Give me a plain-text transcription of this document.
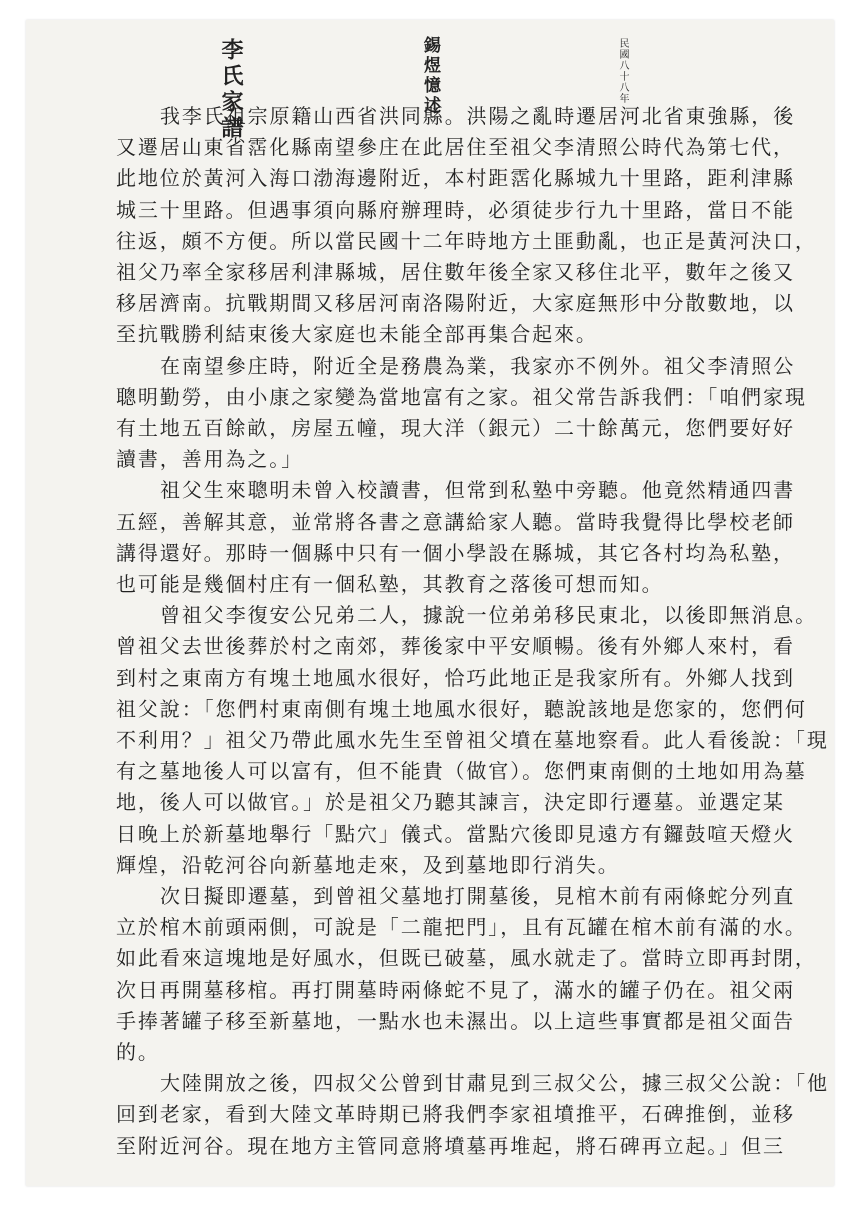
李氏家譜	錫煜憶述	民國八十八年
我李氏祖宗原籍山西省洪同縣。洪陽之亂時遷居河北省東強縣，後
又遷居山東省霑化縣南望參庄在此居住至祖父李清照公時代為第七代，
此地位於黃河入海口渤海邊附近，本村距霑化縣城九十里路，距利津縣
城三十里路。但遇事須向縣府辦理時，必須徒步行九十里路，當日不能
往返，頗不方便。所以當民國十二年時地方土匪動亂，也正是黃河決口，
祖父乃率全家移居利津縣城，居住數年後全家又移住北平，數年之後又
移居濟南。抗戰期間又移居河南洛陽附近，大家庭無形中分散數地，以
至抗戰勝利結束後大家庭也未能全部再集合起來。
在南望參庄時，附近全是務農為業，我家亦不例外。祖父李清照公
聰明勤勞，由小康之家變為當地富有之家。祖父常告訴我們：「咱們家現
有土地五百餘畝，房屋五幢，現大洋（銀元）二十餘萬元，您們要好好
讀書，善用為之。」
祖父生來聰明未曾入校讀書，但常到私塾中旁聽。他竟然精通四書
五經，善解其意，並常將各書之意講給家人聽。當時我覺得比學校老師
講得還好。那時一個縣中只有一個小學設在縣城，其它各村均為私塾，
也可能是幾個村庄有一個私塾，其教育之落後可想而知。
曾祖父李復安公兄弟二人，據說一位弟弟移民東北，以後即無消息。
曾祖父去世後葬於村之南郊，葬後家中平安順暢。後有外鄉人來村，看
到村之東南方有塊土地風水很好，恰巧此地正是我家所有。外鄉人找到
祖父說：「您們村東南側有塊土地風水很好，聽說該地是您家的，您們何
不利用？」祖父乃帶此風水先生至曾祖父墳在墓地察看。此人看後說：「現
有之墓地後人可以富有，但不能貴（做官）。您們東南側的土地如用為墓
地，後人可以做官。」於是祖父乃聽其諫言，決定即行遷墓。並選定某
日晚上於新墓地舉行「點穴」儀式。當點穴後即見遠方有鑼鼓喧天燈火
輝煌，沿乾河谷向新墓地走來，及到墓地即行消失。
次日擬即遷墓，到曾祖父墓地打開墓後，見棺木前有兩條蛇分列直
立於棺木前頭兩側，可說是「二龍把門」，且有瓦罐在棺木前有滿的水。
如此看來這塊地是好風水，但既已破墓，風水就走了。當時立即再封閉，
次日再開墓移棺。再打開墓時兩條蛇不見了，滿水的罐子仍在。祖父兩
手捧著罐子移至新墓地，一點水也未濕出。以上這些事實都是祖父面告
的。
大陸開放之後，四叔父公曾到甘肅見到三叔父公，據三叔父公說：「他
回到老家，看到大陸文革時期已將我們李家祖墳推平，石碑推倒，並移
至附近河谷。現在地方主管同意將墳墓再堆起，將石碑再立起。」但三
